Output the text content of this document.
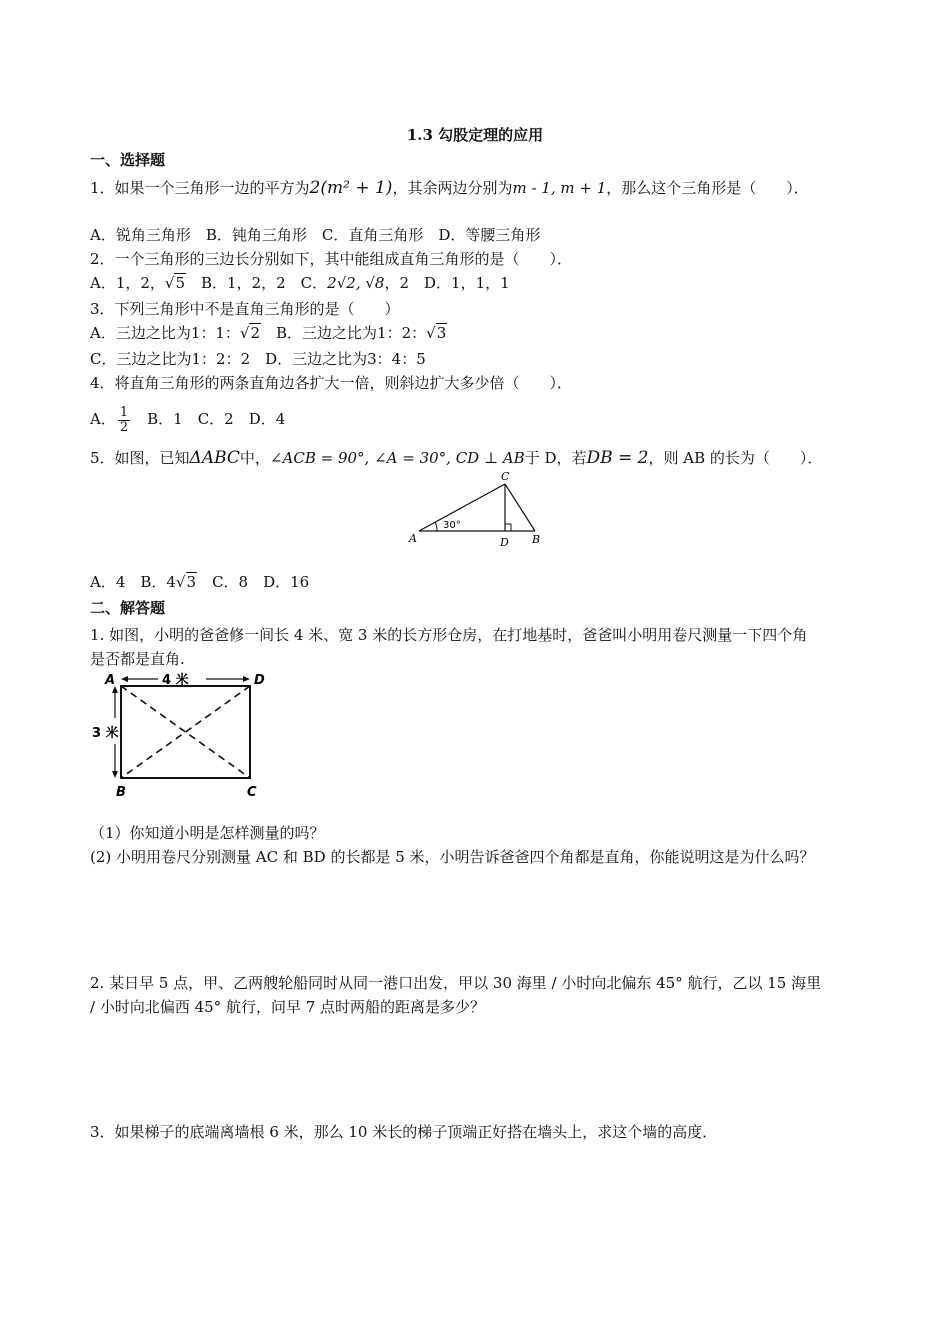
1.3 勾股定理的应用
一、选择题
1．如果一个三角形一边的平方为2(m² + 1)，其余两边分别为m - 1, m + 1，那么这个三角形是（　　）．
A．锐角三角形　B．钝角三角形　C．直角三角形　D．等腰三角形
2．一个三角形的三边长分别如下，其中能组成直角三角形的是（　　）．
A．1，2，√5　B．1，2，2　C．2√2, √8，2　D．1，1，1
3．下列三角形中不是直角三角形的是（　　）
A．三边之比为1：1：√2　B．三边之比为1：2：√3
C．三边之比为1：2：2　D．三边之比为3：4：5
4．将直角三角形的两条直角边各扩大一倍，则斜边扩大多少倍（　　）．
A． $\frac{1}{2}$ 　B．1　C．2　D．4
5．如图，已知ΔABC中，∠ACB = 90°, ∠A = 30°, CD ⊥ AB于 D，若DB = 2，则 AB 的长为（　　）．
30°
A
C
D B
A．4　B．4√3　C．8　D．16
二、解答题
1. 如图，小明的爸爸修一间长 4 米、宽 3 米的长方形仓房，在打地基时，爸爸叫小明用卷尺测量一下四个角
是否都是直角.
4 米
3 米
A	D
B	C
（1）你知道小明是怎样测量的吗？
(2) 小明用卷尺分别测量 AC 和 BD 的长都是 5 米，小明告诉爸爸四个角都是直角，你能说明这是为什么吗？
2. 某日早 5 点，甲、乙两艘轮船同时从同一港口出发，甲以 30 海里 / 小时向北偏东 45° 航行，乙以 15 海里
/ 小时向北偏西 45° 航行，问早 7 点时两船的距离是多少？
3．如果梯子的底端离墙根 6 米，那么 10 米长的梯子顶端正好搭在墙头上，求这个墙的高度．
